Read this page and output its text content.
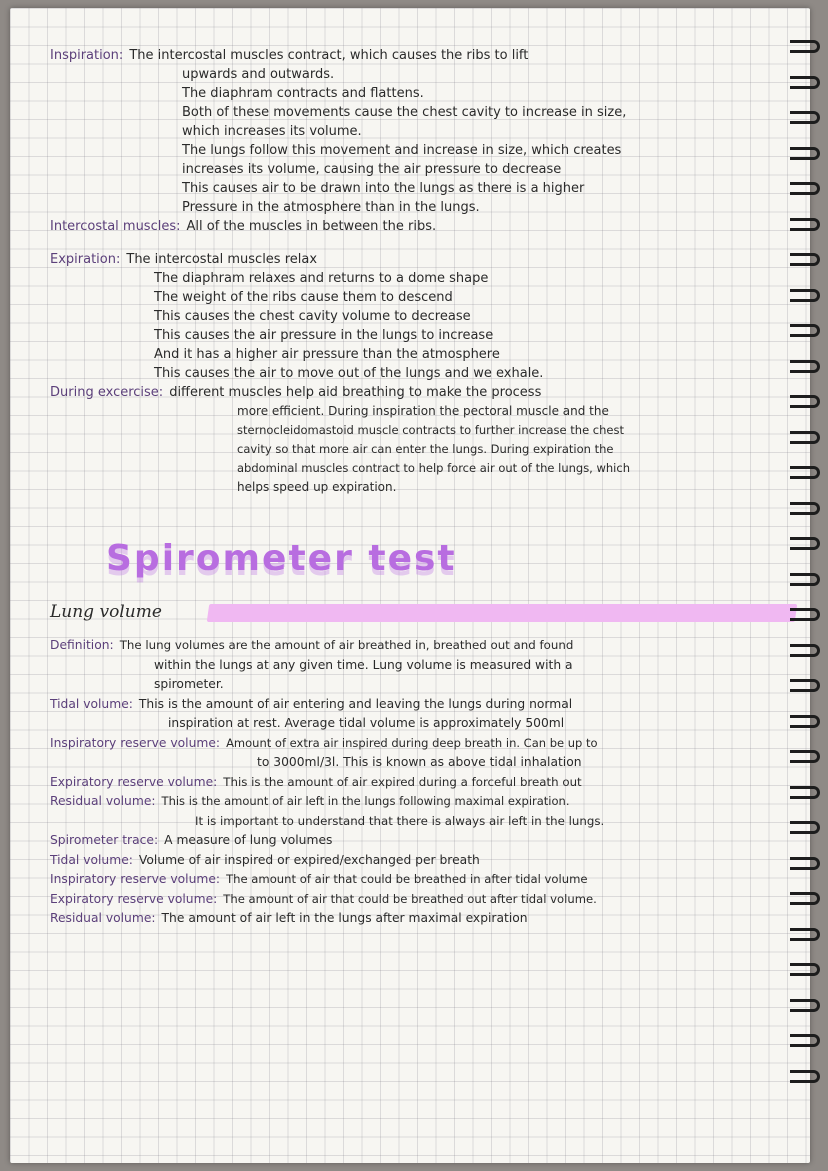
Inspiration: The intercostal muscles contract, which causes the ribs to lift
upwards and outwards.
The diaphram contracts and flattens.
Both of these movements cause the chest cavity to increase in size,
which increases its volume.
The lungs follow this movement and increase in size, which creates
increases its volume, causing the air pressure to decrease
This causes air to be drawn into the lungs as there is a higher
Pressure in the atmosphere than in the lungs.
Intercostal muscles: All of the muscles in between the ribs.
Expiration: The intercostal muscles relax
The diaphram relaxes and returns to a dome shape
The weight of the ribs cause them to descend
This causes the chest cavity volume to decrease
This causes the air pressure in the lungs to increase
And it has a higher air pressure than the atmosphere
This causes the air to move out of the lungs and we exhale.
During excercise: different muscles help aid breathing to make the process
more efficient. During inspiration the pectoral muscle and the
sternocleidomastoid muscle contracts to further increase the chest
cavity so that more air can enter the lungs. During expiration the
abdominal muscles contract to help force air out of the lungs, which
helps speed up expiration.
Spirometer test
Lung volume
Definition: The lung volumes are the amount of air breathed in, breathed out and found
within the lungs at any given time. Lung volume is measured with a
spirometer.
Tidal volume: This is the amount of air entering and leaving the lungs during normal
inspiration at rest. Average tidal volume is approximately 500ml
Inspiratory reserve volume: Amount of extra air inspired during deep breath in. Can be up to
to 3000ml/3l. This is known as above tidal inhalation
Expiratory reserve volume: This is the amount of air expired during a forceful breath out
Residual volume: This is the amount of air left in the lungs following maximal expiration.
It is important to understand that there is always air left in the lungs.
Spirometer trace: A measure of lung volumes
Tidal volume: Volume of air inspired or expired/exchanged per breath
Inspiratory reserve volume: The amount of air that could be breathed in after tidal volume
Expiratory reserve volume: The amount of air that could be breathed out after tidal volume.
Residual volume: The amount of air left in the lungs after maximal expiration
